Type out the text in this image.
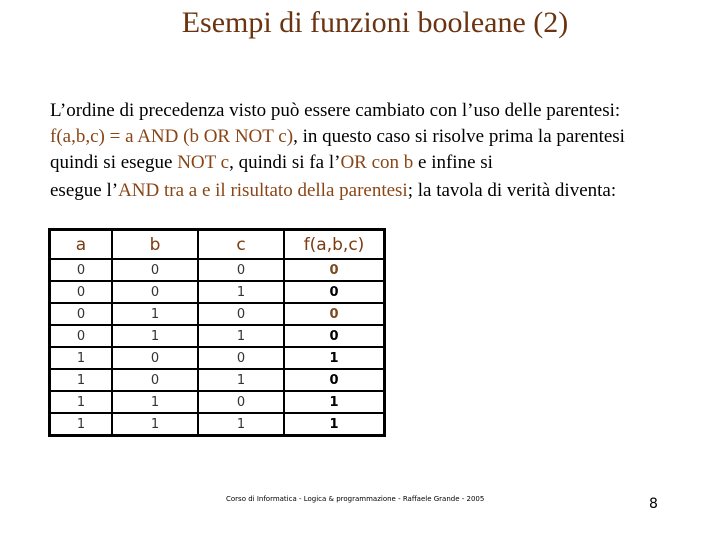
Esempi di funzioni booleane (2)
L’ordine di precedenza visto può essere cambiato con l’uso delle parentesi: f(a,b,c) = a AND (b OR NOT c), in questo caso si risolve prima la parentesi quindi si esegue NOT c, quindi si fa l’OR con b e infine si
esegue l’AND tra a e il risultato della parentesi; la tavola di verità diventa:
a	b	c	f(a,b,c)
0	0	0	0
0	0	1	0
0	1	0	0
0	1	1	0
1	0	0	1
1	0	1	0
1	1	0	1
1	1	1	1
Corso di Informatica - Logica & programmazione - Raffaele Grande - 2005	8
